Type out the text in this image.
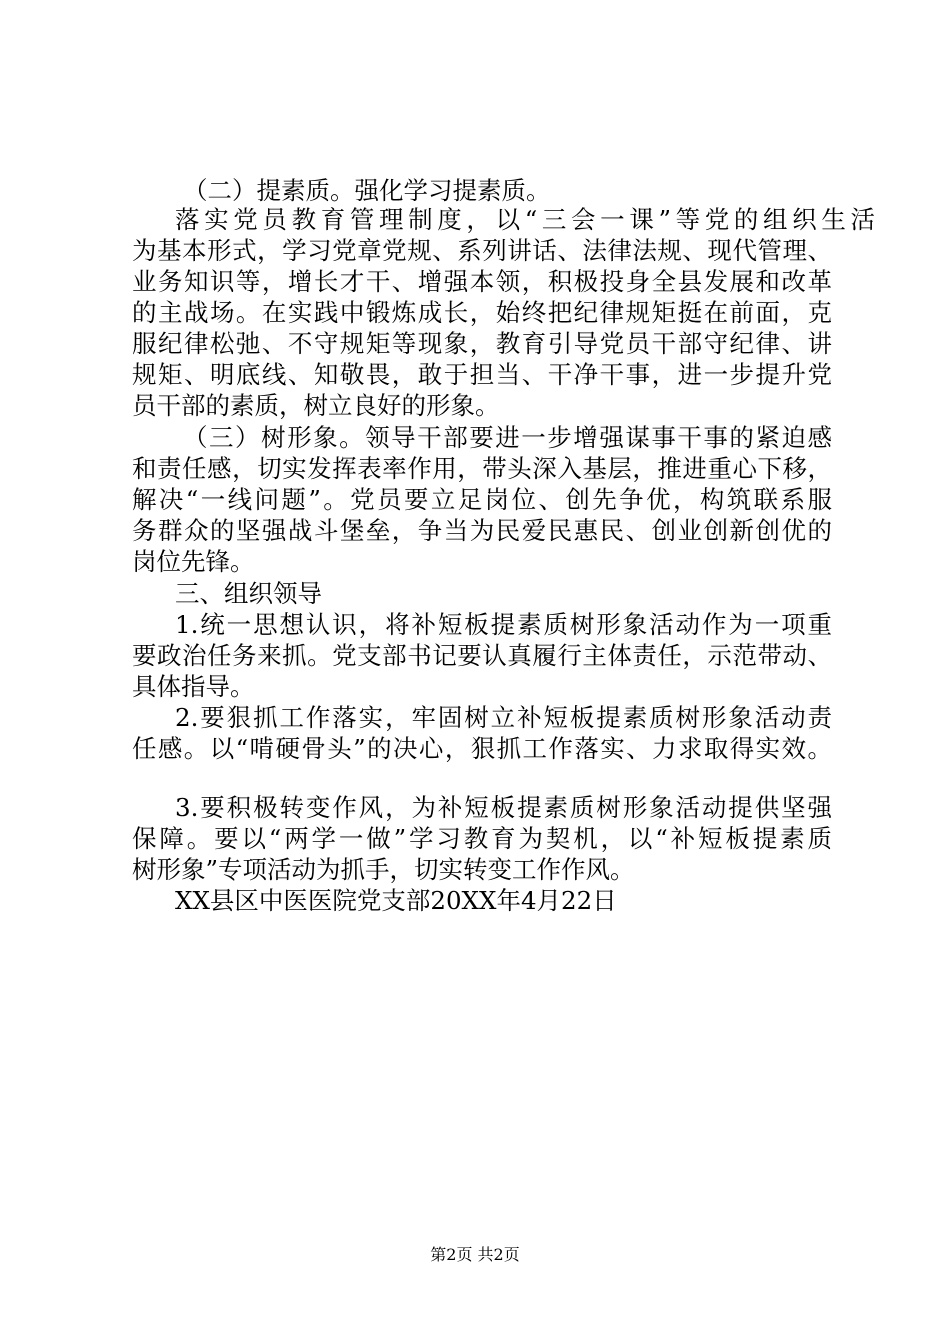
（二）提素质。强化学习提素质。
落实党员教育管理制度，以“三会一课”等党的组织生活
为基本形式，学习党章党规、系列讲话、法律法规、现代管理、
业务知识等，增长才干、增强本领，积极投身全县发展和改革
的主战场。在实践中锻炼成长，始终把纪律规矩挺在前面，克
服纪律松弛、不守规矩等现象，教育引导党员干部守纪律、讲
规矩、明底线、知敬畏，敢于担当、干净干事，进一步提升党
员干部的素质，树立良好的形象。
（三）树形象。领导干部要进一步增强谋事干事的紧迫感
和责任感，切实发挥表率作用，带头深入基层，推进重心下移，
解决“一线问题”。党员要立足岗位、创先争优，构筑联系服
务群众的坚强战斗堡垒，争当为民爱民惠民、创业创新创优的
岗位先锋。
三、组织领导
1.统一思想认识，将补短板提素质树形象活动作为一项重
要政治任务来抓。党支部书记要认真履行主体责任，示范带动、
具体指导。
2.要狠抓工作落实，牢固树立补短板提素质树形象活动责
任感。以“啃硬骨头”的决心，狠抓工作落实、力求取得实效。
3.要积极转变作风，为补短板提素质树形象活动提供坚强
保障。要以“两学一做”学习教育为契机，以“补短板提素质
树形象”专项活动为抓手，切实转变工作作风。
XX县区中医医院党支部20XX年4月22日
第2页 共2页
